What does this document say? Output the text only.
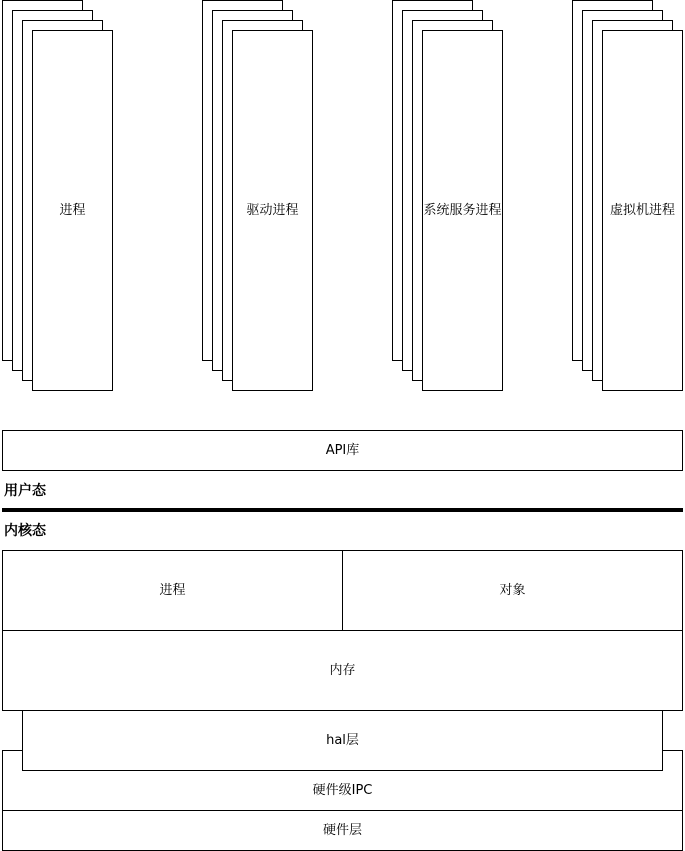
进程	驱动进程	系统服务进程	虚拟机进程
API库
用户态
内核态
进程	对象
内存
硬件级IPC
hal层
硬件层
